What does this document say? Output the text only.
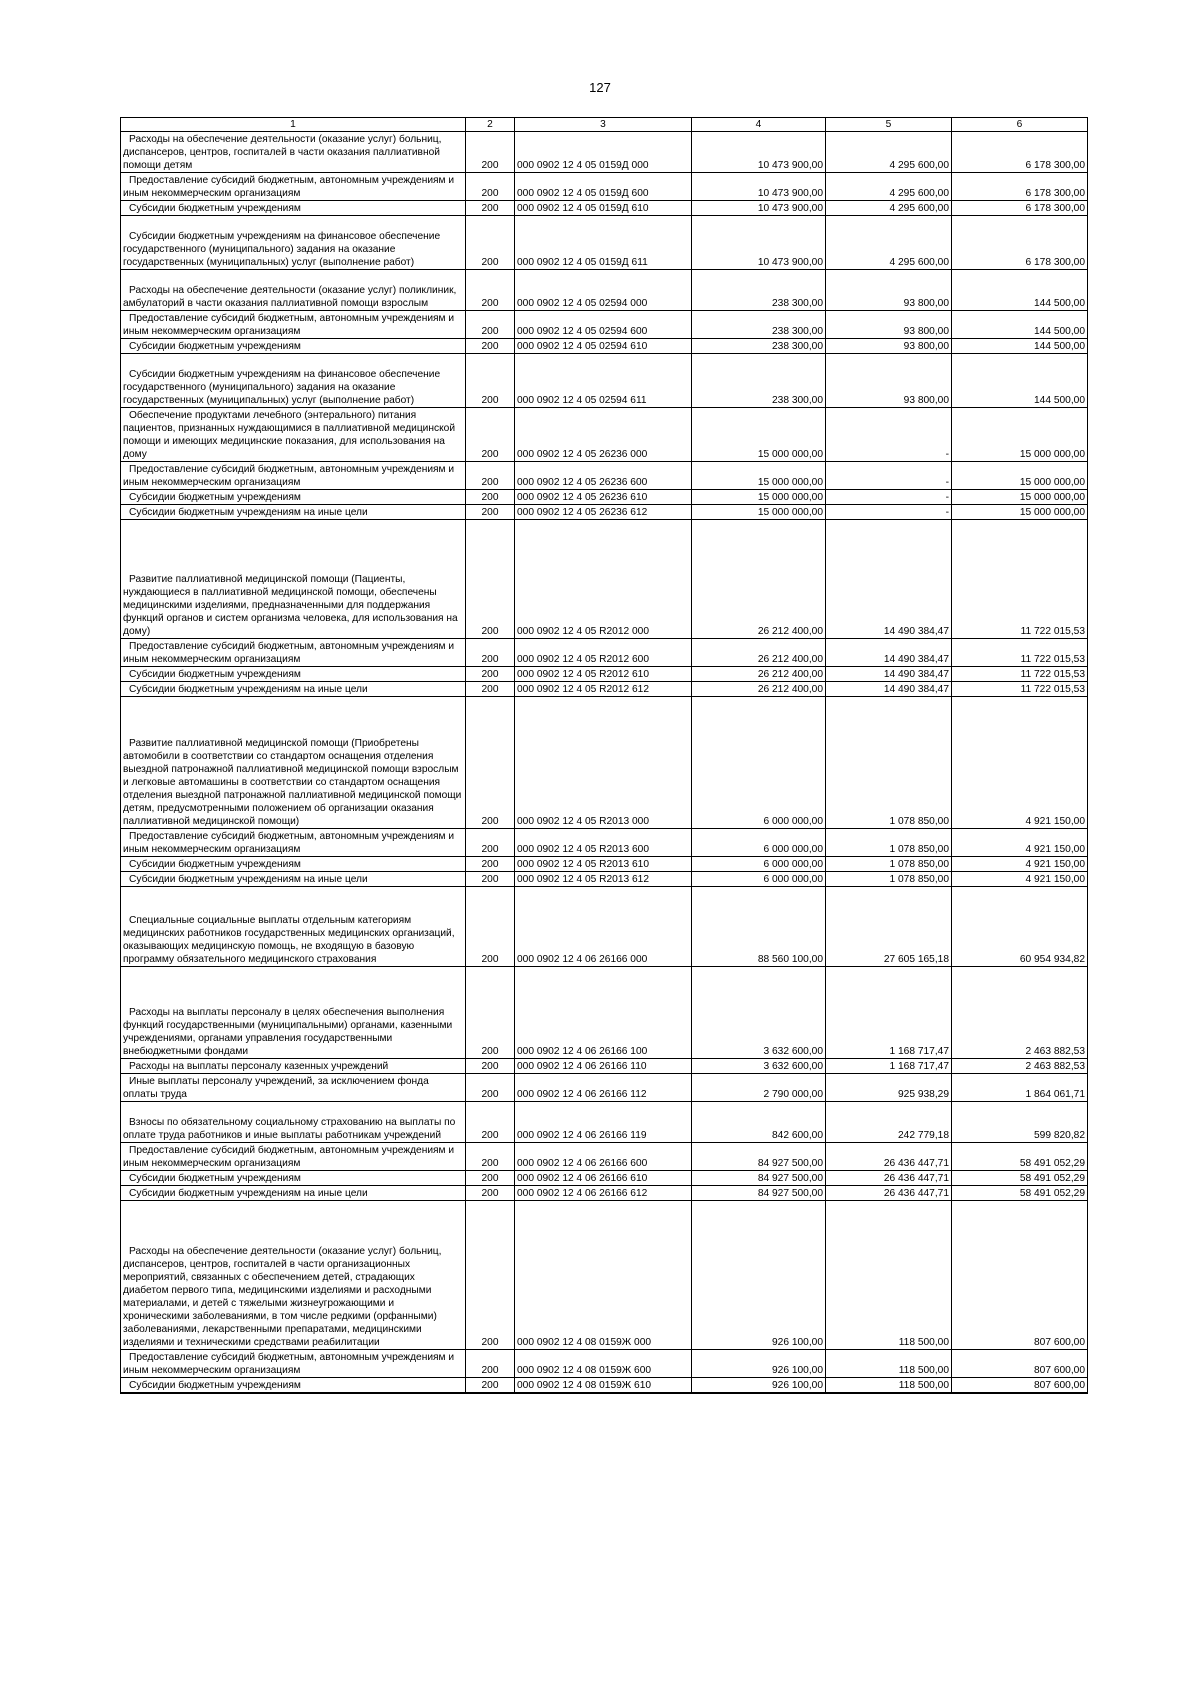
127
1	2	3	4	5	6

Расходы на обеспечение деятельности (оказание услуг) больниц, диспансеров, центров, госпиталей в части оказания паллиативной помощи детям	200	000 0902 12 4 05 0159Д 000	10 473 900,00	4 295 600,00	6 178 300,00

Предоставление субсидий бюджетным, автономным учреждениям и иным некоммерческим организациям	200	000 0902 12 4 05 0159Д 600	10 473 900,00	4 295 600,00	6 178 300,00

Субсидии бюджетным учреждениям	200	000 0902 12 4 05 0159Д 610	10 473 900,00	4 295 600,00	6 178 300,00

Субсидии бюджетным учреждениям на финансовое обеспечение государственного (муниципального) задания на оказание государственных (муниципальных) услуг (выполнение работ)	200	000 0902 12 4 05 0159Д 611	10 473 900,00	4 295 600,00	6 178 300,00

Расходы на обеспечение деятельности (оказание услуг) поликлиник, амбулаторий в части оказания паллиативной помощи взрослым	200	000 0902 12 4 05 02594 000	238 300,00	93 800,00	144 500,00

Предоставление субсидий бюджетным, автономным учреждениям и иным некоммерческим организациям	200	000 0902 12 4 05 02594 600	238 300,00	93 800,00	144 500,00

Субсидии бюджетным учреждениям	200	000 0902 12 4 05 02594 610	238 300,00	93 800,00	144 500,00

Субсидии бюджетным учреждениям на финансовое обеспечение государственного (муниципального) задания на оказание государственных (муниципальных) услуг (выполнение работ)	200	000 0902 12 4 05 02594 611	238 300,00	93 800,00	144 500,00

Обеспечение продуктами лечебного (энтерального) питания пациентов, признанных нуждающимися в паллиативной медицинской помощи и имеющих медицинские показания, для использования на дому	200	000 0902 12 4 05 26236 000	15 000 000,00	-	15 000 000,00

Предоставление субсидий бюджетным, автономным учреждениям и иным некоммерческим организациям	200	000 0902 12 4 05 26236 600	15 000 000,00	-	15 000 000,00

Субсидии бюджетным учреждениям	200	000 0902 12 4 05 26236 610	15 000 000,00	-	15 000 000,00

Субсидии бюджетным учреждениям на иные цели	200	000 0902 12 4 05 26236 612	15 000 000,00	-	15 000 000,00

Развитие паллиативной медицинской помощи (Пациенты, нуждающиеся в паллиативной медицинской помощи, обеспечены медицинскими изделиями, предназначенными для поддержания функций органов и систем организма человека, для использования на дому)	200	000 0902 12 4 05 R2012 000	26 212 400,00	14 490 384,47	11 722 015,53

Предоставление субсидий бюджетным, автономным учреждениям и иным некоммерческим организациям	200	000 0902 12 4 05 R2012 600	26 212 400,00	14 490 384,47	11 722 015,53

Субсидии бюджетным учреждениям	200	000 0902 12 4 05 R2012 610	26 212 400,00	14 490 384,47	11 722 015,53

Субсидии бюджетным учреждениям на иные цели	200	000 0902 12 4 05 R2012 612	26 212 400,00	14 490 384,47	11 722 015,53

Развитие паллиативной медицинской помощи (Приобретены автомобили в соответствии со стандартом оснащения отделения выездной патронажной паллиативной медицинской помощи взрослым и легковые автомашины в соответствии со стандартом оснащения отделения выездной патронажной паллиативной медицинской помощи детям, предусмотренными положением об организации оказания паллиативной медицинской помощи)	200	000 0902 12 4 05 R2013 000	6 000 000,00	1 078 850,00	4 921 150,00

Предоставление субсидий бюджетным, автономным учреждениям и иным некоммерческим организациям	200	000 0902 12 4 05 R2013 600	6 000 000,00	1 078 850,00	4 921 150,00

Субсидии бюджетным учреждениям	200	000 0902 12 4 05 R2013 610	6 000 000,00	1 078 850,00	4 921 150,00

Субсидии бюджетным учреждениям на иные цели	200	000 0902 12 4 05 R2013 612	6 000 000,00	1 078 850,00	4 921 150,00

Специальные социальные выплаты отдельным категориям медицинских работников государственных медицинских организаций, оказывающих медицинскую помощь, не входящую в базовую программу обязательного медицинского страхования	200	000 0902 12 4 06 26166 000	88 560 100,00	27 605 165,18	60 954 934,82

Расходы на выплаты персоналу в целях обеспечения выполнения функций государственными (муниципальными) органами, казенными учреждениями, органами управления государственными внебюджетными фондами	200	000 0902 12 4 06 26166 100	3 632 600,00	1 168 717,47	2 463 882,53

Расходы на выплаты персоналу казенных учреждений	200	000 0902 12 4 06 26166 110	3 632 600,00	1 168 717,47	2 463 882,53

Иные выплаты персоналу учреждений, за исключением фонда оплаты труда	200	000 0902 12 4 06 26166 112	2 790 000,00	925 938,29	1 864 061,71

Взносы по обязательному социальному страхованию на выплаты по оплате труда работников и иные выплаты работникам учреждений	200	000 0902 12 4 06 26166 119	842 600,00	242 779,18	599 820,82

Предоставление субсидий бюджетным, автономным учреждениям и иным некоммерческим организациям	200	000 0902 12 4 06 26166 600	84 927 500,00	26 436 447,71	58 491 052,29

Субсидии бюджетным учреждениям	200	000 0902 12 4 06 26166 610	84 927 500,00	26 436 447,71	58 491 052,29

Субсидии бюджетным учреждениям на иные цели	200	000 0902 12 4 06 26166 612	84 927 500,00	26 436 447,71	58 491 052,29

Расходы на обеспечение деятельности (оказание услуг) больниц, диспансеров, центров, госпиталей в части организационных мероприятий, связанных с обеспечением детей, страдающих диабетом первого типа, медицинскими изделиями и расходными материалами, и детей с тяжелыми жизнеугрожающими и хроническими заболеваниями, в том числе редкими (орфанными) заболеваниями, лекарственными препаратами, медицинскими изделиями и техническими средствами реабилитации	200	000 0902 12 4 08 0159Ж 000	926 100,00	118 500,00	807 600,00

Предоставление субсидий бюджетным, автономным учреждениям и иным некоммерческим организациям	200	000 0902 12 4 08 0159Ж 600	926 100,00	118 500,00	807 600,00

Субсидии бюджетным учреждениям	200	000 0902 12 4 08 0159Ж 610	926 100,00	118 500,00	807 600,00
